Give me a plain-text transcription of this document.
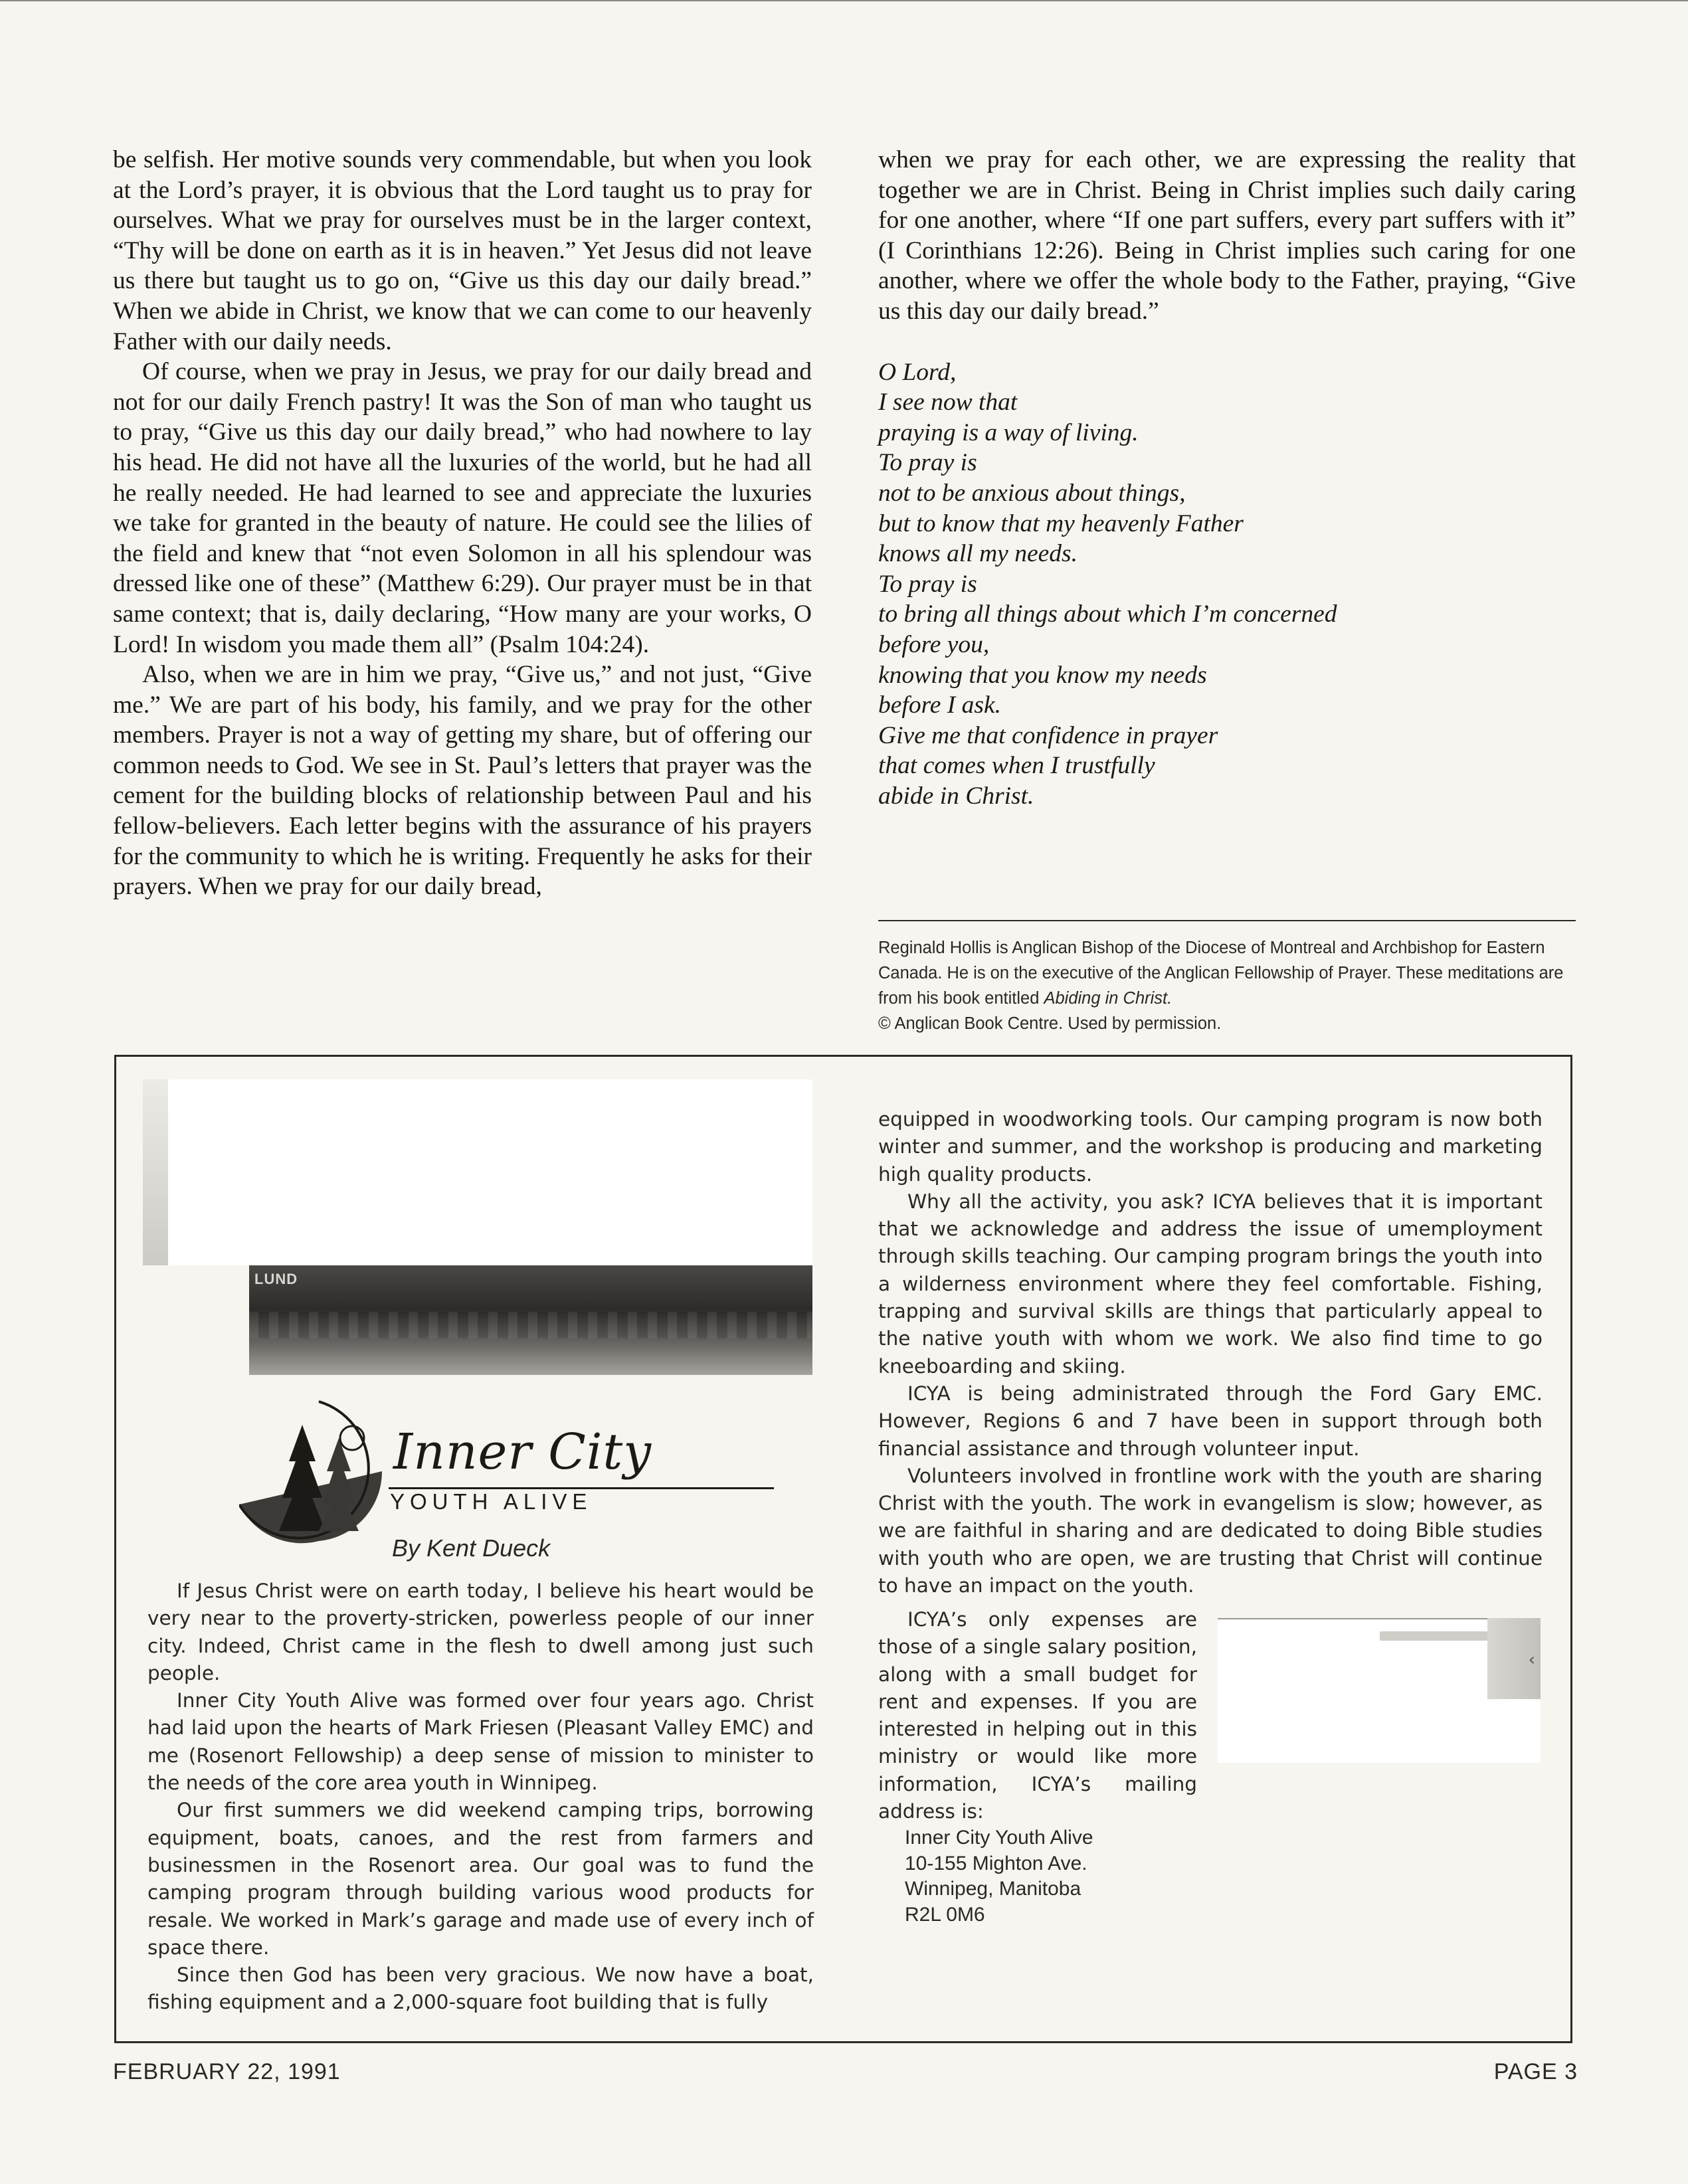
be selfish. Her motive sounds very commendable, but when you look at the Lord’s prayer, it is obvious that the Lord taught us to pray for ourselves. What we pray for ourselves must be in the larger context, “Thy will be done on earth as it is in heaven.” Yet Jesus did not leave us there but taught us to go on, “Give us this day our daily bread.” When we abide in Christ, we know that we can come to our heavenly Father with our daily needs.

Of course, when we pray in Jesus, we pray for our daily bread and not for our daily French pastry! It was the Son of man who taught us to pray, “Give us this day our daily bread,” who had nowhere to lay his head. He did not have all the luxuries of the world, but he had all he really needed. He had learned to see and appreciate the luxuries we take for granted in the beauty of nature. He could see the lilies of the field and knew that “not even Solomon in all his splendour was dressed like one of these” (Matthew 6:29). Our prayer must be in that same context; that is, daily declaring, “How many are your works, O Lord! In wisdom you made them all” (Psalm 104:24).

Also, when we are in him we pray, “Give us,” and not just, “Give me.” We are part of his body, his family, and we pray for the other members. Prayer is not a way of getting my share, but of offering our common needs to God. We see in St. Paul’s letters that prayer was the cement for the building blocks of relationship between Paul and his fellow-believers. Each letter begins with the assurance of his prayers for the community to which he is writing. Frequently he asks for their prayers. When we pray for our daily bread,

when we pray for each other, we are expressing the reality that together we are in Christ. Being in Christ implies such daily caring for one another, where “If one part suffers, every part suffers with it” (I Corinthians 12:26). Being in Christ implies such caring for one another, where we offer the whole body to the Father, praying, “Give us this day our daily bread.”

O Lord,
I see now that
praying is a way of living.
To pray is
not to be anxious about things,
but to know that my heavenly Father
knows all my needs.
To pray is
to bring all things about which I’m concerned
before you,
knowing that you know my needs
before I ask.
Give me that confidence in prayer
that comes when I trustfully
abide in Christ.
Reginald Hollis is Anglican Bishop of the Diocese of Montreal and Archbishop for Eastern Canada. He is on the executive of the Anglican Fellowship of Prayer. These meditations are from his book entitled Abiding in Christ.
© Anglican Book Centre. Used by permission.
LUND
Inner City
YOUTH ALIVE
By Kent Dueck

If Jesus Christ were on earth today, I believe his heart would be very near to the proverty-stricken, powerless people of our inner city. Indeed, Christ came in the flesh to dwell among just such people.

Inner City Youth Alive was formed over four years ago. Christ had laid upon the hearts of Mark Friesen (Pleasant Valley EMC) and me (Rosenort Fellowship) a deep sense of mission to minister to the needs of the core area youth in Winnipeg.

Our first summers we did weekend camping trips, borrowing equipment, boats, canoes, and the rest from farmers and businessmen in the Rosenort area. Our goal was to fund the camping program through building various wood products for resale. We worked in Mark’s garage and made use of every inch of space there.

Since then God has been very gracious. We now have a boat, fishing equipment and a 2,000-square foot building that is fully

equipped in woodworking tools. Our camping program is now both winter and summer, and the workshop is producing and marketing high quality products.

Why all the activity, you ask? ICYA believes that it is important that we acknowledge and address the issue of umemployment through skills teaching. Our camping program brings the youth into a wilderness environment where they feel comfortable. Fishing, trapping and survival skills are things that particularly appeal to the native youth with whom we work. We also find time to go kneeboarding and skiing.

ICYA is being administrated through the Ford Gary EMC. However, Regions 6 and 7 have been in support through both financial assistance and through volunteer input.

Volunteers involved in frontline work with the youth are sharing Christ with the youth. The work in evangelism is slow; however, as we are faithful in sharing and are dedicated to doing Bible studies with youth who are open, we are trusting that Christ will continue to have an impact on the youth.

ICYA’s only expenses are those of a single salary position, along with a small budget for rent and expenses. If you are interested in helping out in this ministry or would like more information, ICYA’s mailing address is:

Inner City Youth Alive
10-155 Mighton Ave.
Winnipeg, Manitoba
R2L 0M6
‹
FEBRUARY 22, 1991	PAGE 3
